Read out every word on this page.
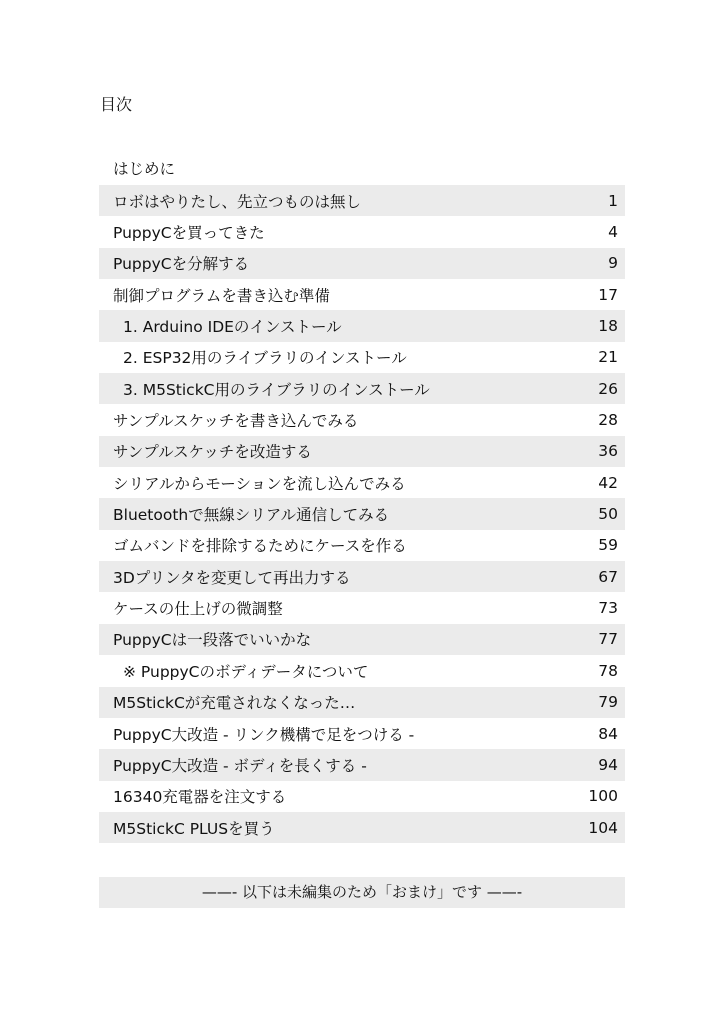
目次
はじめに
ロボはやりたし、先立つものは無し	1
PuppyCを買ってきた	4
PuppyCを分解する	9
制御プログラムを書き込む準備	17
1. Arduino IDEのインストール	18
2. ESP32用のライブラリのインストール	21
3. M5StickC用のライブラリのインストール	26
サンプルスケッチを書き込んでみる	28
サンプルスケッチを改造する	36
シリアルからモーションを流し込んでみる	42
Bluetoothで無線シリアル通信してみる	50
ゴムバンドを排除するためにケースを作る	59
3Dプリンタを変更して再出力する	67
ケースの仕上げの微調整	73
PuppyCは一段落でいいかな	77
※ PuppyCのボディデータについて	78
M5StickCが充電されなくなった…	79
PuppyC大改造 - リンク機構で足をつける -	84
PuppyC大改造 - ボディを長くする -	94
16340充電器を注文する	100
M5StickC PLUSを買う	104
——- 以下は未編集のため「おまけ」です ——-
